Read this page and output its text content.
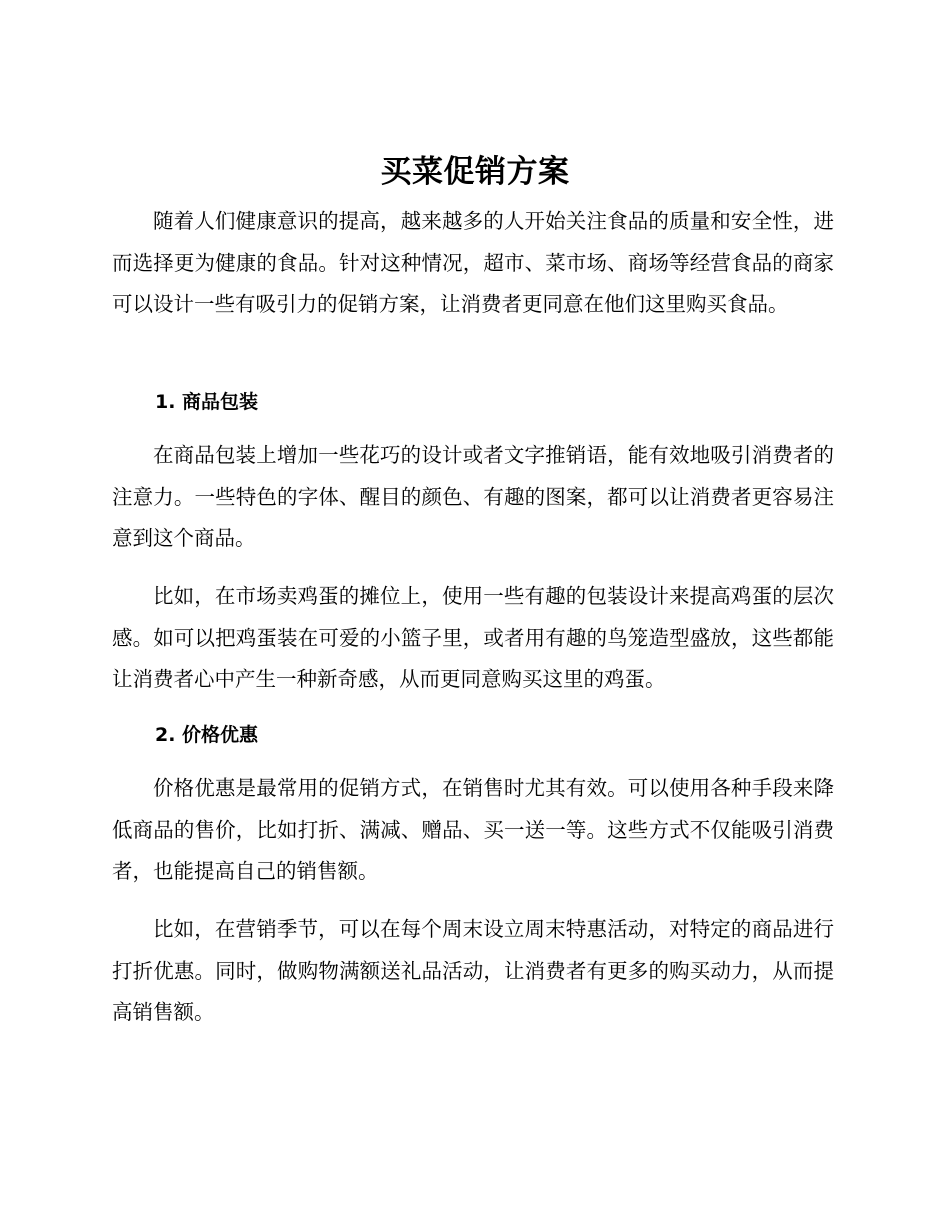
买菜促销方案

随着人们健康意识的提高，越来越多的人开始关注食品的质量和安全性，进而选择更为健康的食品。针对这种情况，超市、菜市场、商场等经营食品的商家可以设计一些有吸引力的促销方案，让消费者更同意在他们这里购买食品。

1. 商品包装

在商品包装上增加一些花巧的设计或者文字推销语，能有效地吸引消费者的注意力。一些特色的字体、醒目的颜色、有趣的图案，都可以让消费者更容易注意到这个商品。

比如，在市场卖鸡蛋的摊位上，使用一些有趣的包装设计来提高鸡蛋的层次感。如可以把鸡蛋装在可爱的小篮子里，或者用有趣的鸟笼造型盛放，这些都能让消费者心中产生一种新奇感，从而更同意购买这里的鸡蛋。

2. 价格优惠

价格优惠是最常用的促销方式，在销售时尤其有效。可以使用各种手段来降低商品的售价，比如打折、满减、赠品、买一送一等。这些方式不仅能吸引消费者，也能提高自己的销售额。

比如，在营销季节，可以在每个周末设立周末特惠活动，对特定的商品进行打折优惠。同时，做购物满额送礼品活动，让消费者有更多的购买动力，从而提高销售额。
